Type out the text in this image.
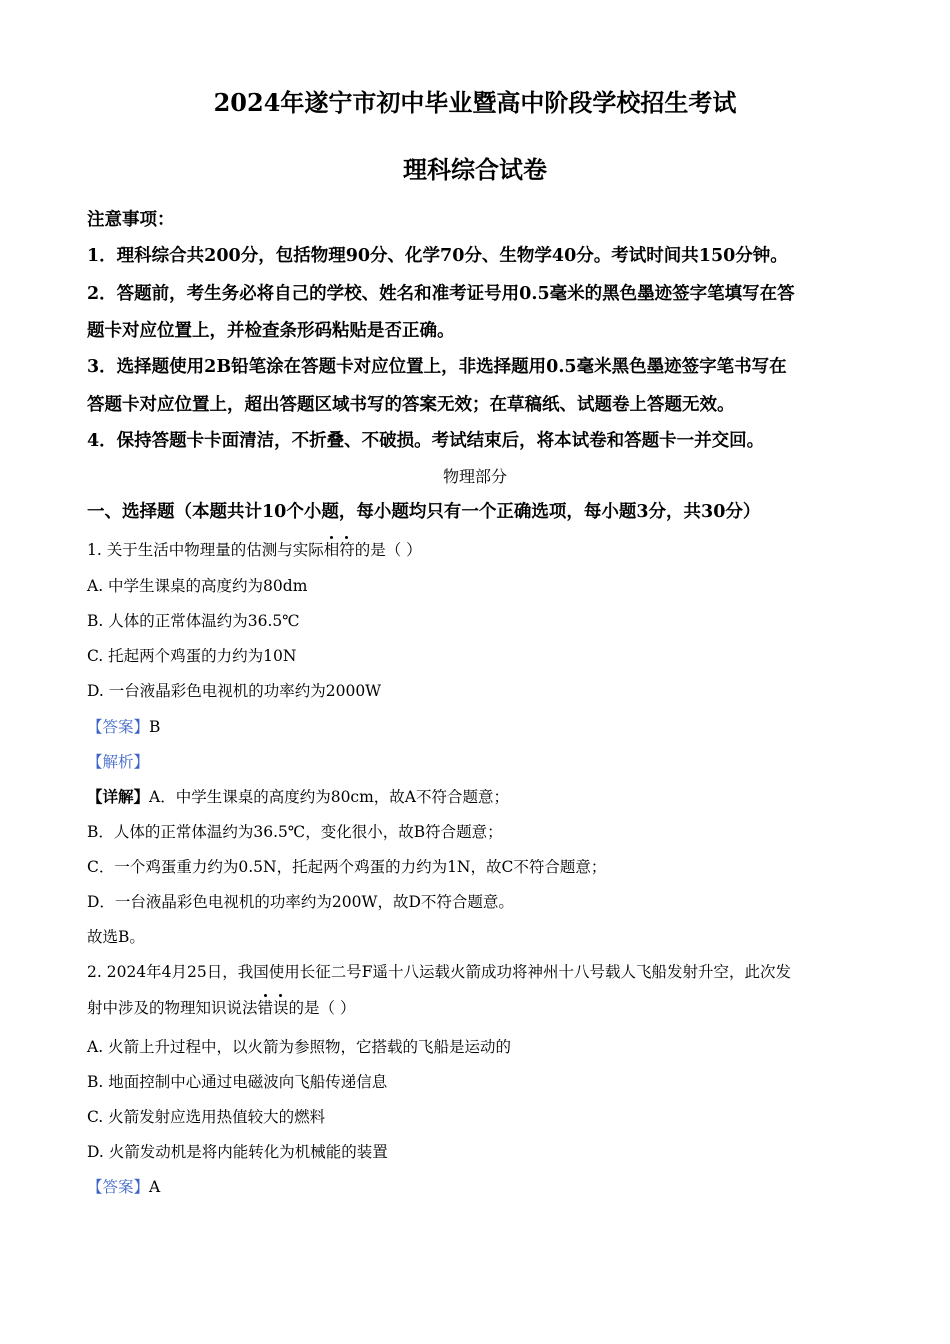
2024年遂宁市初中毕业暨高中阶段学校招生考试
理科综合试卷
注意事项：
1．理科综合共200分，包括物理90分、化学70分、生物学40分。考试时间共150分钟。
2．答题前，考生务必将自己的学校、姓名和准考证号用0.5毫米的黑色墨迹签字笔填写在答
题卡对应位置上，并检查条形码粘贴是否正确。
3．选择题使用2B铅笔涂在答题卡对应位置上，非选择题用0.5毫米黑色墨迹签字笔书写在
答题卡对应位置上，超出答题区域书写的答案无效；在草稿纸、试题卷上答题无效。
4．保持答题卡卡面清洁，不折叠、不破损。考试结束后，将本试卷和答题卡一并交回。
物理部分
一、选择题（本题共计10个小题，每小题均只有一个正确选项，每小题3分，共30分）
1. 关于生活中物理量的估测与实际相符的是（ ）
A. 中学生课桌的高度约为80dm
B. 人体的正常体温约为36.5℃
C. 托起两个鸡蛋的力约为10N
D. 一台液晶彩色电视机的功率约为2000W
【答案】B
【解析】
【详解】A．中学生课桌的高度约为80cm，故A不符合题意；
B．人体的正常体温约为36.5℃，变化很小，故B符合题意；
C．一个鸡蛋重力约为0.5N，托起两个鸡蛋的力约为1N，故C不符合题意；
D．一台液晶彩色电视机的功率约为200W，故D不符合题意。
故选B。
2. 2024年4月25日，我国使用长征二号F遥十八运载火箭成功将神州十八号载人飞船发射升空，此次发
射中涉及的物理知识说法错误的是（ ）
A. 火箭上升过程中，以火箭为参照物，它搭载的飞船是运动的
B. 地面控制中心通过电磁波向飞船传递信息
C. 火箭发射应选用热值较大的燃料
D. 火箭发动机是将内能转化为机械能的装置
【答案】A
